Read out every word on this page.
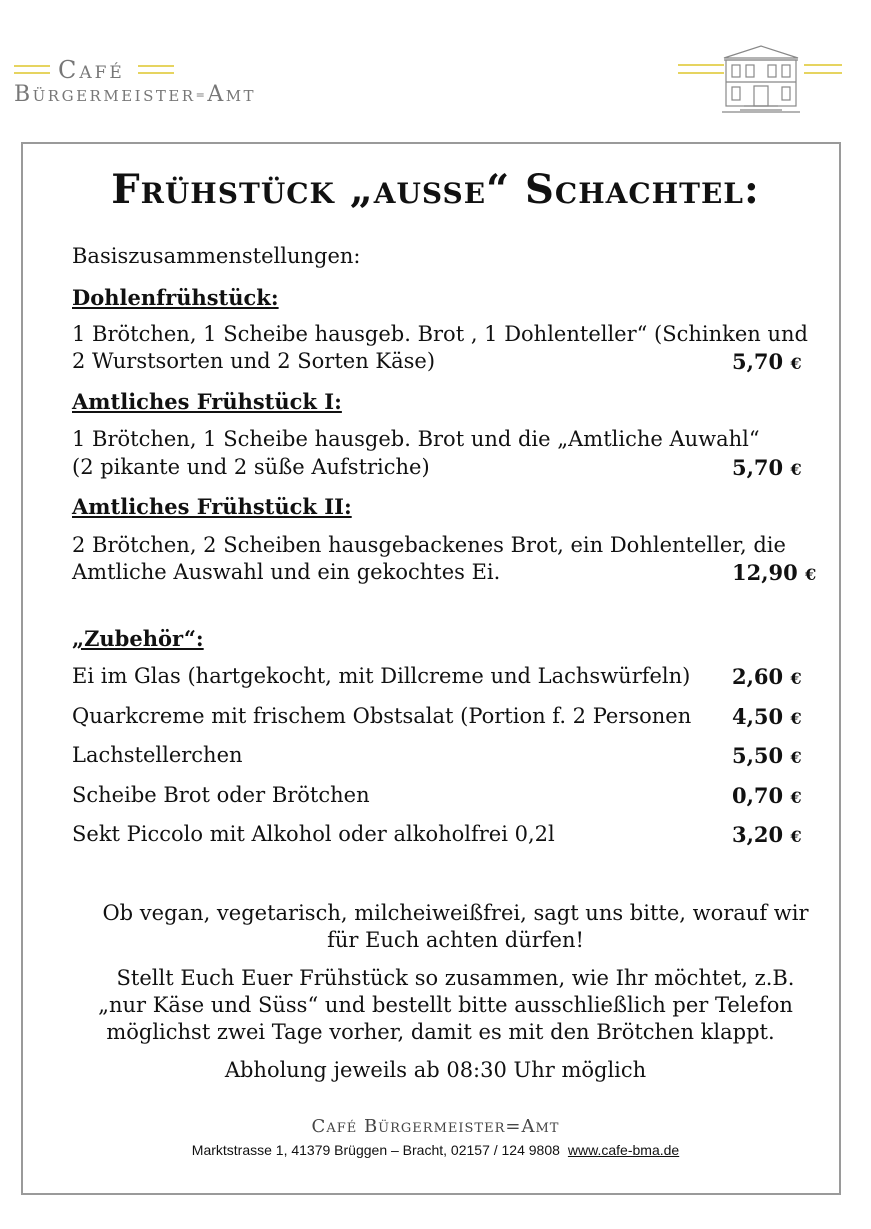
Café
Bürgermeister=Amt
Frühstück „ausse“ Schachtel:
Basiszusammenstellungen:
Dohlenfrühstück:
1 Brötchen, 1 Scheibe hausgeb. Brot , 1 Dohlenteller“ (Schinken und
2 Wurstsorten und 2 Sorten Käse)	5,70 €
Amtliches Frühstück I:
1 Brötchen, 1 Scheibe hausgeb. Brot und die „Amtliche Auwahl“
(2 pikante und 2 süße Aufstriche)	5,70 €
Amtliches Frühstück II:
2 Brötchen, 2 Scheiben hausgebackenes Brot, ein Dohlenteller, die
Amtliche Auswahl und ein gekochtes Ei.	12,90 €
„Zubehör“:
Ei im Glas (hartgekocht, mit Dillcreme und Lachswürfeln) 2,60 €
Quarkcreme mit frischem Obstsalat (Portion f. 2 Personen 4,50 €
Lachstellerchen	5,50 €
Scheibe Brot oder Brötchen	0,70 €
Sekt Piccolo mit Alkohol oder alkoholfrei 0,2l	3,20 €
Ob vegan, vegetarisch, milcheiweißfrei, sagt uns bitte, worauf wir
für Euch achten dürfen!
Stellt Euch Euer Frühstück so zusammen, wie Ihr möchtet, z.B.
„nur Käse und Süss“ und bestellt bitte ausschließlich per Telefon
möglichst zwei Tage vorher, damit es mit den Brötchen klappt.
Abholung jeweils ab 08:30 Uhr möglich
Café Bürgermeister=Amt
Marktstrasse 1, 41379 Brüggen – Bracht, 02157 / 124 9808 www.cafe-bma.de
